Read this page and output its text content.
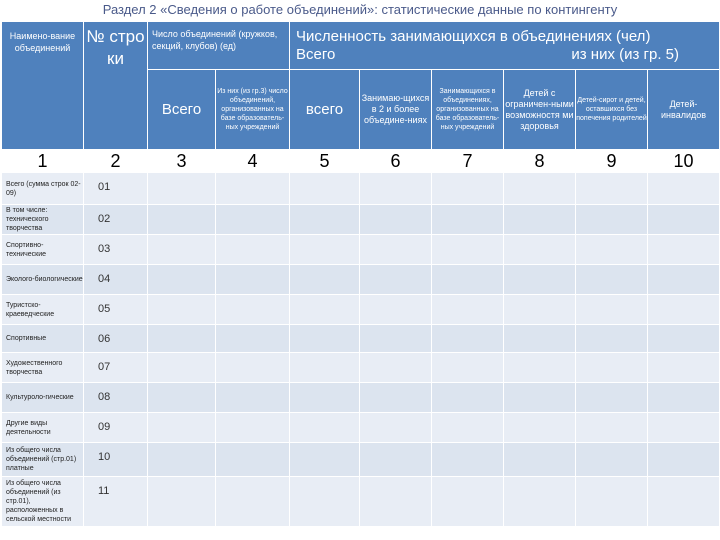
Раздел 2 «Сведения о работе объединений»: статистические данные по контингенту
Наимено-вание объединений	№ стро ки	Число объединений (кружков, секций, клубов) (ед)		Численность занимающихся в объединениях (чел)
Всего из них (из гр. 5)					

		Всего	Из них (из гр.3) число объединений, организованных на базе образователь-ных учреждений	всего	Занимаю-щихся в 2 и более объедине-ниях	Занимающихся в объединениях, организованных на базе образователь-ных учреждений	Детей с ограничен-ными возможностя ми здоровья	Детей-сирот и детей, оставшихся без попечения родителей	Детей-инвалидов
1	2	3	4	5	6	7	8	9	10
Всего (сумма строк 02-09)	01								
В том числе: технического творчества	02								
Спортивно-технические	03								
Эколого-биологические	04								
Туристско-краеведческие	05								
Спортивные	06								
Художественного творчества	07								
Культуроло-гические	08								
Другие виды деятельности	09								
Из общего числа объединений (стр.01) платные	10								
Из общего числа объединений (из стр.01), расположенных в сельской местности	11								
